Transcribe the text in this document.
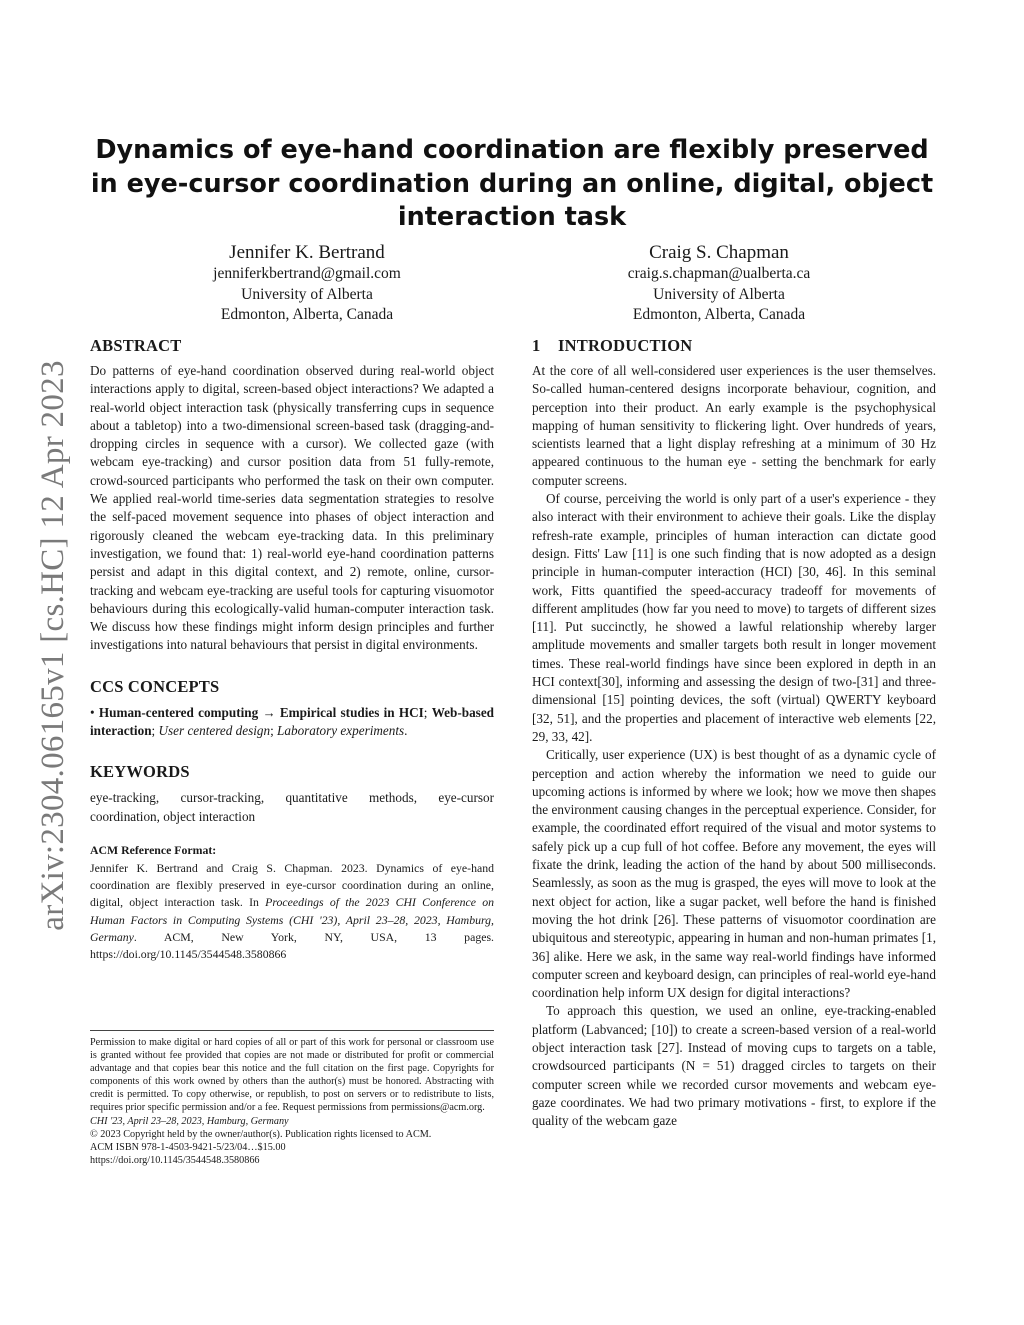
arXiv:2304.06165v1 [cs.HC] 12 Apr 2023
Dynamics of eye-hand coordination are flexibly preserved in eye-cursor coordination during an online, digital, object interaction task
Jennifer K. Bertrand
jenniferkbertrand@gmail.com
University of Alberta
Edmonton, Alberta, Canada
Craig S. Chapman
craig.s.chapman@ualberta.ca
University of Alberta
Edmonton, Alberta, Canada
ABSTRACT

Do patterns of eye-hand coordination observed during real-world object interactions apply to digital, screen-based object interactions? We adapted a real-world object interaction task (physically transferring cups in sequence about a tabletop) into a two-dimensional screen-based task (dragging-and-dropping circles in sequence with a cursor). We collected gaze (with webcam eye-tracking) and cursor position data from 51 fully-remote, crowd-sourced participants who performed the task on their own computer. We applied real-world time-series data segmentation strategies to resolve the self-paced movement sequence into phases of object interaction and rigorously cleaned the webcam eye-tracking data. In this preliminary investigation, we found that: 1) real-world eye-hand coordination patterns persist and adapt in this digital context, and 2) remote, online, cursor-tracking and webcam eye-tracking are useful tools for capturing visuomotor behaviours during this ecologically-valid human-computer interaction task. We discuss how these findings might inform design principles and further investigations into natural behaviours that persist in digital environments.

CCS CONCEPTS

• Human-centered computing → Empirical studies in HCI; Web-based interaction; User centered design; Laboratory experiments.

KEYWORDS

eye-tracking, cursor-tracking, quantitative methods, eye-cursor coordination, object interaction

ACM Reference Format:

Jennifer K. Bertrand and Craig S. Chapman. 2023. Dynamics of eye-hand coordination are flexibly preserved in eye-cursor coordination during an online, digital, object interaction task. In Proceedings of the 2023 CHI Conference on Human Factors in Computing Systems (CHI '23), April 23–28, 2023, Hamburg, Germany. ACM, New York, NY, USA, 13 pages. https://doi.org/10.1145/3544548.3580866

Permission to make digital or hard copies of all or part of this work for personal or classroom use is granted without fee provided that copies are not made or distributed for profit or commercial advantage and that copies bear this notice and the full citation on the first page. Copyrights for components of this work owned by others than the author(s) must be honored. Abstracting with credit is permitted. To copy otherwise, or republish, to post on servers or to redistribute to lists, requires prior specific permission and/or a fee. Request permissions from permissions@acm.org.

CHI '23, April 23–28, 2023, Hamburg, Germany

© 2023 Copyright held by the owner/author(s). Publication rights licensed to ACM.

ACM ISBN 978-1-4503-9421-5/23/04…$15.00

https://doi.org/10.1145/3544548.3580866

1 INTRODUCTION

At the core of all well-considered user experiences is the user themselves. So-called human-centered designs incorporate behaviour, cognition, and perception into their product. An early example is the psychophysical mapping of human sensitivity to flickering light. Over hundreds of years, scientists learned that a light display refreshing at a minimum of 30 Hz appeared continuous to the human eye - setting the benchmark for early computer screens.

Of course, perceiving the world is only part of a user's experience - they also interact with their environment to achieve their goals. Like the display refresh-rate example, principles of human interaction can dictate good design. Fitts' Law [11] is one such finding that is now adopted as a design principle in human-computer interaction (HCI) [30, 46]. In this seminal work, Fitts quantified the speed-accuracy tradeoff for movements of different amplitudes (how far you need to move) to targets of different sizes [11]. Put succinctly, he showed a lawful relationship whereby larger amplitude movements and smaller targets both result in longer movement times. These real-world findings have since been explored in depth in an HCI context[30], informing and assessing the design of two-[31] and three-dimensional [15] pointing devices, the soft (virtual) QWERTY keyboard [32, 51], and the properties and placement of interactive web elements [22, 29, 33, 42].

Critically, user experience (UX) is best thought of as a dynamic cycle of perception and action whereby the information we need to guide our upcoming actions is informed by where we look; how we move then shapes the environment causing changes in the perceptual experience. Consider, for example, the coordinated effort required of the visual and motor systems to safely pick up a cup full of hot coffee. Before any movement, the eyes will fixate the drink, leading the action of the hand by about 500 milliseconds. Seamlessly, as soon as the mug is grasped, the eyes will move to look at the next object for action, like a sugar packet, well before the hand is finished moving the hot drink [26]. These patterns of visuomotor coordination are ubiquitous and stereotypic, appearing in human and non-human primates [1, 36] alike. Here we ask, in the same way real-world findings have informed computer screen and keyboard design, can principles of real-world eye-hand coordination help inform UX design for digital interactions?

To approach this question, we used an online, eye-tracking-enabled platform (Labvanced; [10]) to create a screen-based version of a real-world object interaction task [27]. Instead of moving cups to targets on a table, crowdsourced participants (N = 51) dragged circles to targets on their computer screen while we recorded cursor movements and webcam eye-gaze coordinates. We had two primary motivations - first, to explore if the quality of the webcam gaze
